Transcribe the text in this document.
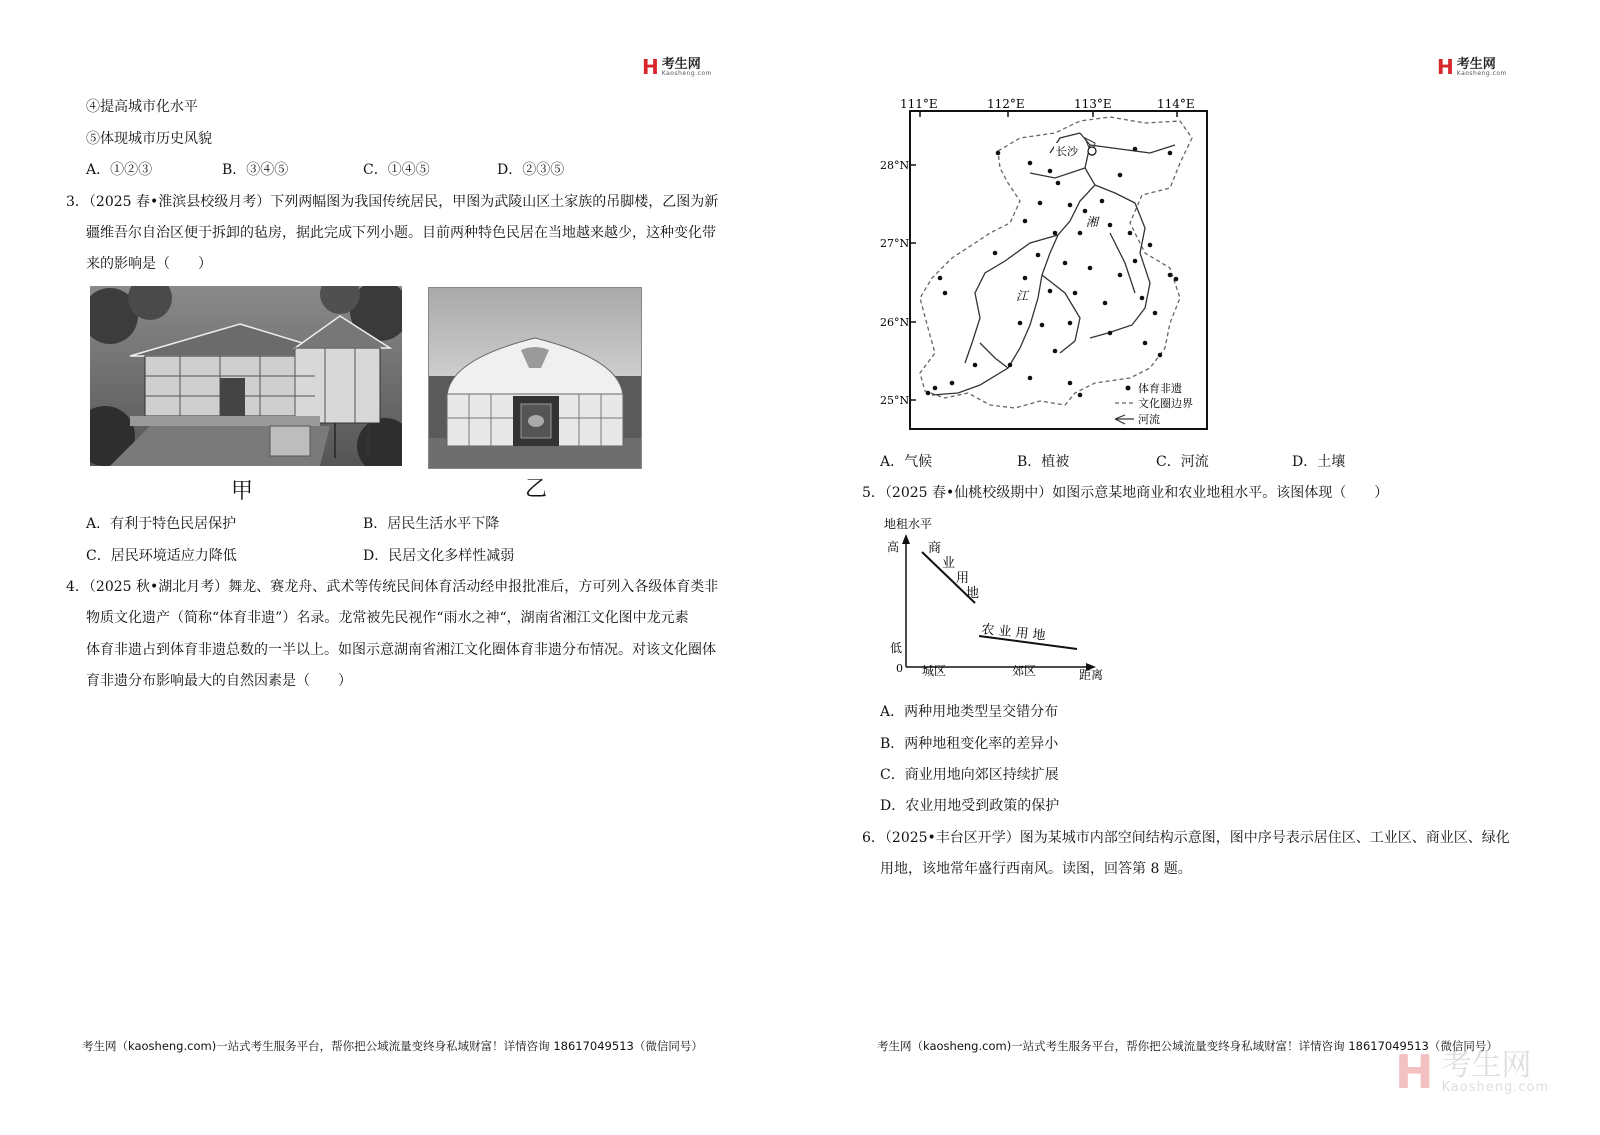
H 考生网
Kaosheng.com	H 考生网
Kaosheng.com
④提高城市化水平
⑤体现城市历史风貌
A．①②③	B．③④⑤	C．①④⑤	D．②③⑤
3．（2025 春•淮滨县校级月考）下列两幅图为我国传统居民，甲图为武陵山区土家族的吊脚楼，乙图为新
疆维吾尔自治区便于拆卸的毡房，据此完成下列小题。目前两种特色民居在当地越来越少，这种变化带
来的影响是（　　）
甲	乙
A．有利于特色民居保护	B．居民生活水平下降
C．居民环境适应力降低	D．民居文化多样性减弱
4．（2025 秋•湖北月考）舞龙、赛龙舟、武术等传统民间体育活动经申报批准后，方可列入各级体育类非
物质文化遗产（简称“体育非遗”）名录。龙常被先民视作“雨水之神“，湖南省湘江文化图中龙元素
体育非遗占到体育非遗总数的一半以上。如图示意湖南省湘江文化圈体育非遗分布情况。对该文化圈体
育非遗分布影响最大的自然因素是（　　）
111°E	112°E	113°E	114°E
28°N
27°N
26°N
25°N
长沙
湘
江
体育非遗
文化圈边界
河流
A．气候	B．植被	C．河流	D．土壤
5．（2025 春•仙桃校级期中）如图示意某地商业和农业地租水平。该图体现（　　）
地租水平
高
低
0
商
业
用
地
农 业 用 地
城区	郊区	距离
A．两种用地类型呈交错分布
B．两种地租变化率的差异小
C．商业用地向郊区持续扩展
D．农业用地受到政策的保护
6．（2025•丰台区开学）图为某城市内部空间结构示意图，图中序号表示居住区、工业区、商业区、绿化
用地，该地常年盛行西南风。读图，回答第 8 题。
考生网（kaosheng.com)一站式考生服务平台，帮你把公域流量变终身私域财富！详情咨询 18617049513（微信同号）	考生网（kaosheng.com)一站式考生服务平台，帮你把公域流量变终身私域财富！详情咨询 18617049513（微信同号）
H 考生网
Kaosheng.com
